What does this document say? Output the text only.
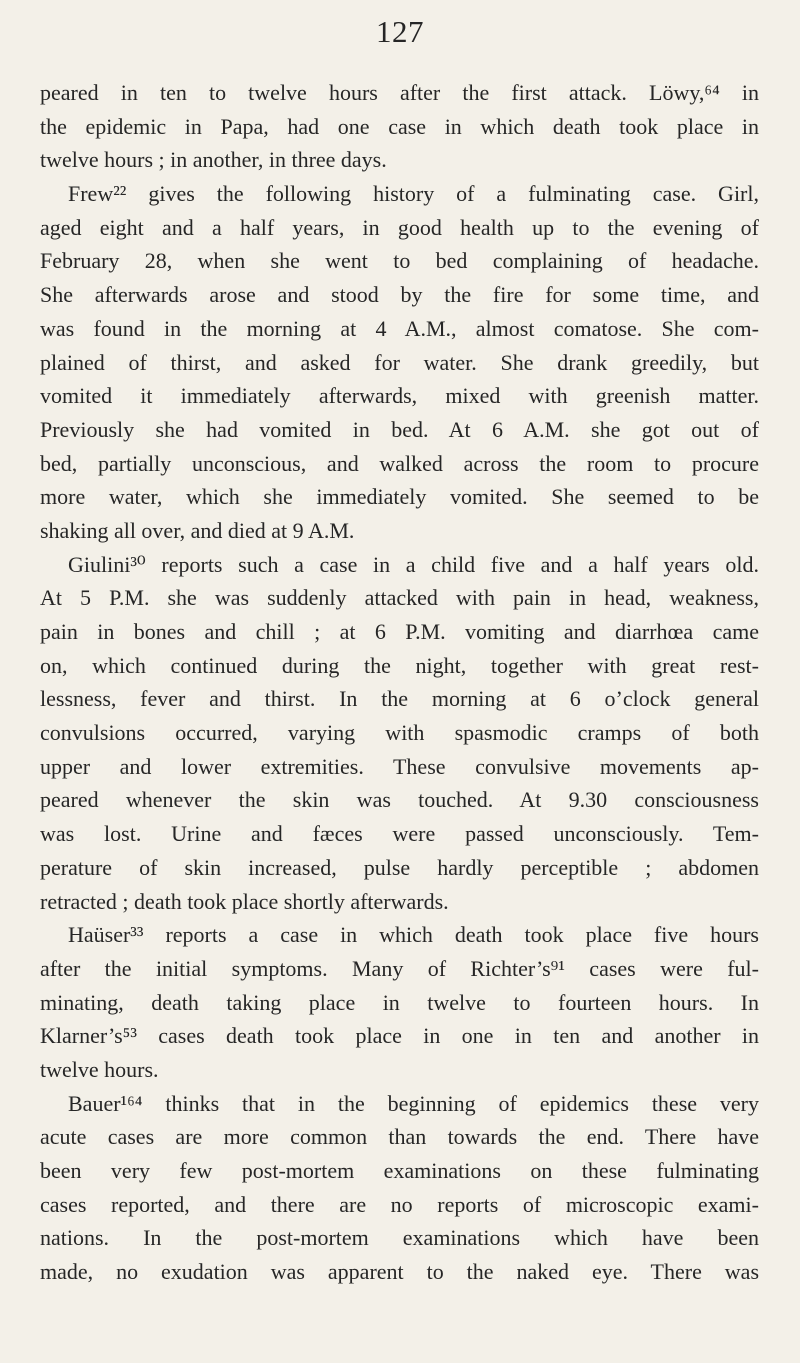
127
peared in ten to twelve hours after the first attack. Löwy,⁶⁴ in
the epidemic in Papa, had one case in which death took place in
twelve hours ; in another, in three days.
Frew²² gives the following history of a fulminating case. Girl,
aged eight and a half years, in good health up to the evening of
February 28, when she went to bed complaining of headache.
She afterwards arose and stood by the fire for some time, and
was found in the morning at 4 A.M., almost comatose. She com-
plained of thirst, and asked for water. She drank greedily, but
vomited it immediately afterwards, mixed with greenish matter.
Previously she had vomited in bed. At 6 A.M. she got out of
bed, partially unconscious, and walked across the room to procure
more water, which she immediately vomited. She seemed to be
shaking all over, and died at 9 A.M.
Giulini³⁰ reports such a case in a child five and a half years old.
At 5 P.M. she was suddenly attacked with pain in head, weakness,
pain in bones and chill ; at 6 P.M. vomiting and diarrhœa came
on, which continued during the night, together with great rest-
lessness, fever and thirst. In the morning at 6 o’clock general
convulsions occurred, varying with spasmodic cramps of both
upper and lower extremities. These convulsive movements ap-
peared whenever the skin was touched. At 9.30 consciousness
was lost. Urine and fæces were passed unconsciously. Tem-
perature of skin increased, pulse hardly perceptible ; abdomen
retracted ; death took place shortly afterwards.
Haüser³³ reports a case in which death took place five hours
after the initial symptoms. Many of Richter’s⁹¹ cases were ful-
minating, death taking place in twelve to fourteen hours. In
Klarner’s⁵³ cases death took place in one in ten and another in
twelve hours.
Bauer¹⁶⁴ thinks that in the beginning of epidemics these very
acute cases are more common than towards the end. There have
been very few post-mortem examinations on these fulminating
cases reported, and there are no reports of microscopic exami-
nations. In the post-mortem examinations which have been
made, no exudation was apparent to the naked eye. There was
